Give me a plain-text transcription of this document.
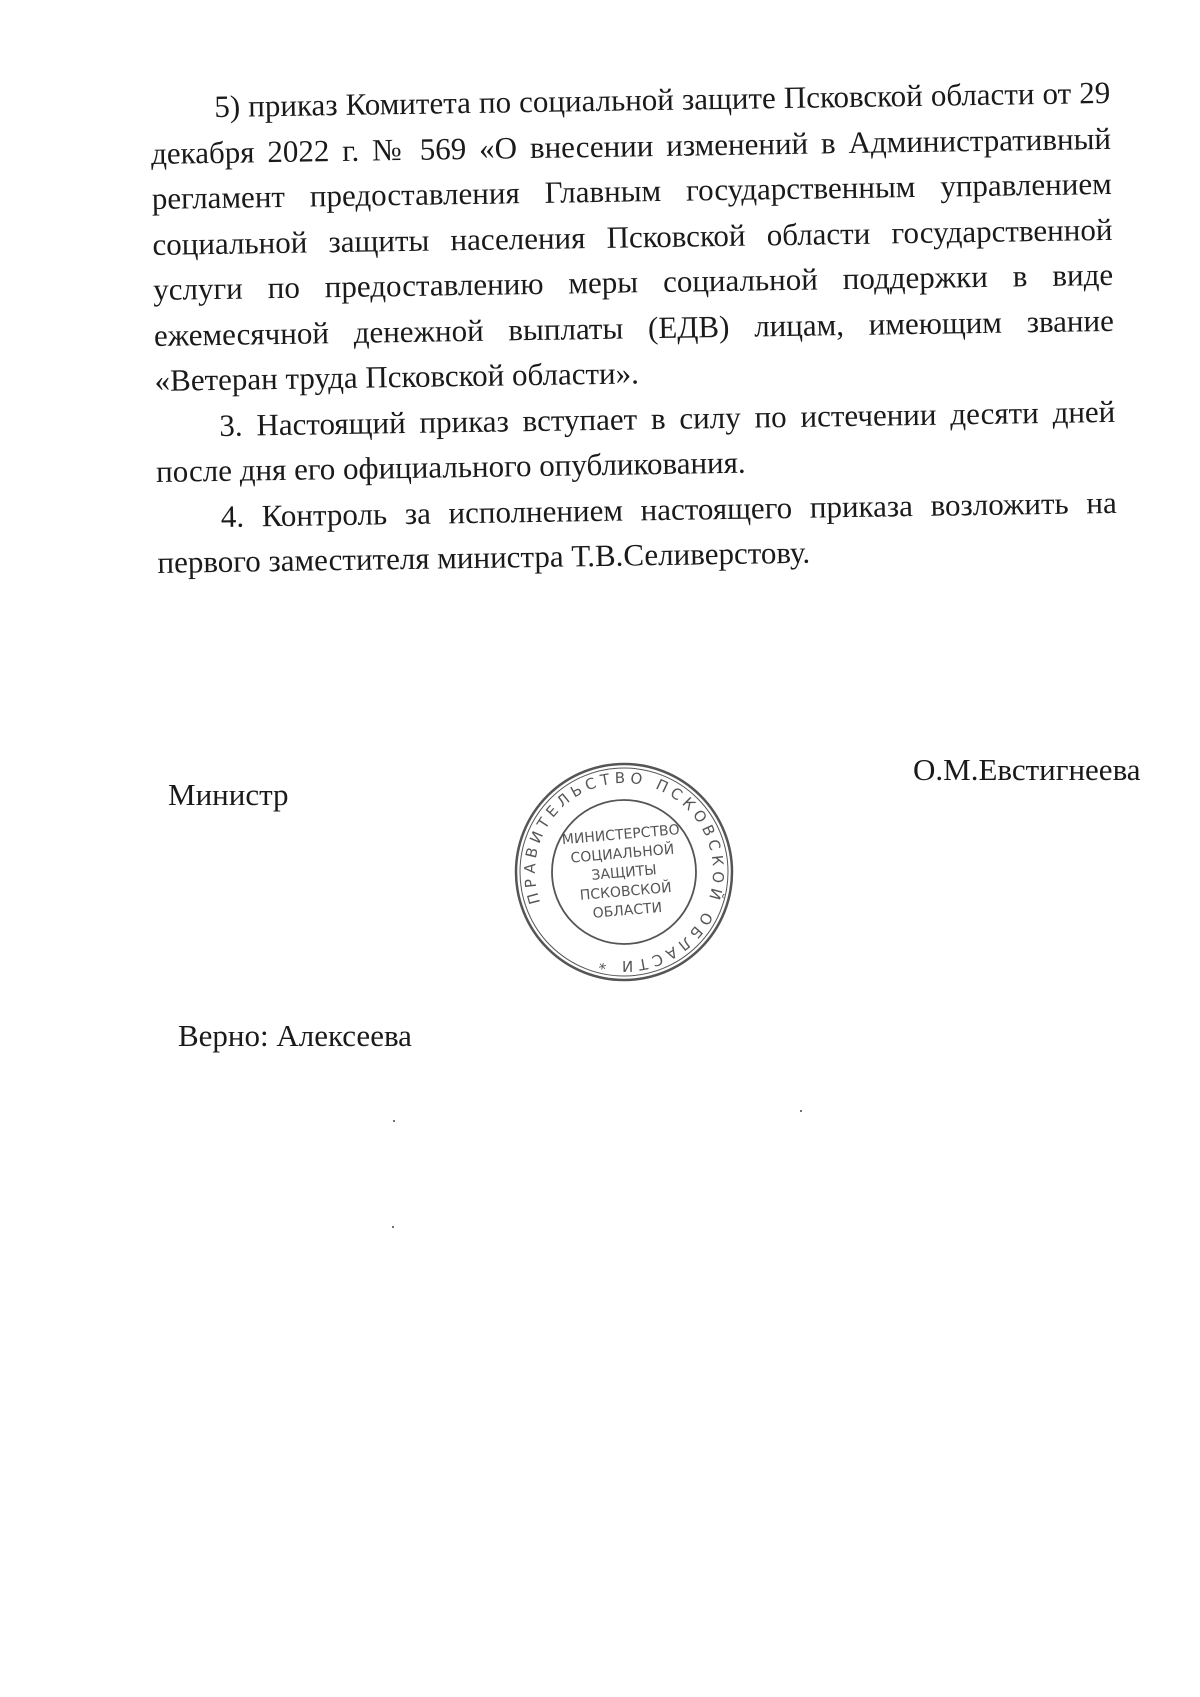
5) приказ Комитета по социальной защите Псковской области от 29 декабря 2022 г. № 569 «О внесении изменений в Административный регламент предоставления Главным государственным управлением социальной защиты населения Псковской области государственной услуги по предоставлению меры социальной поддержки в виде ежемесячной денежной выплаты (ЕДВ) лицам, имеющим звание «Ветеран труда Псковской области».

3. Настоящий приказ вступает в силу по истечении десяти дней после дня его официального опубликования.

4. Контроль за исполнением настоящего приказа возложить на первого заместителя министра Т.В.Селиверстову.

Министр
О.М.Евстигнеева
ПРАВИТЕЛЬСТВО ПСКОВСКОЙ ОБЛАСТИ *
МИНИСТЕРСТВО
СОЦИАЛЬНОЙ
ЗАЩИТЫ
ПСКОВСКОЙ
ОБЛАСТИ
Верно: Алексеева
